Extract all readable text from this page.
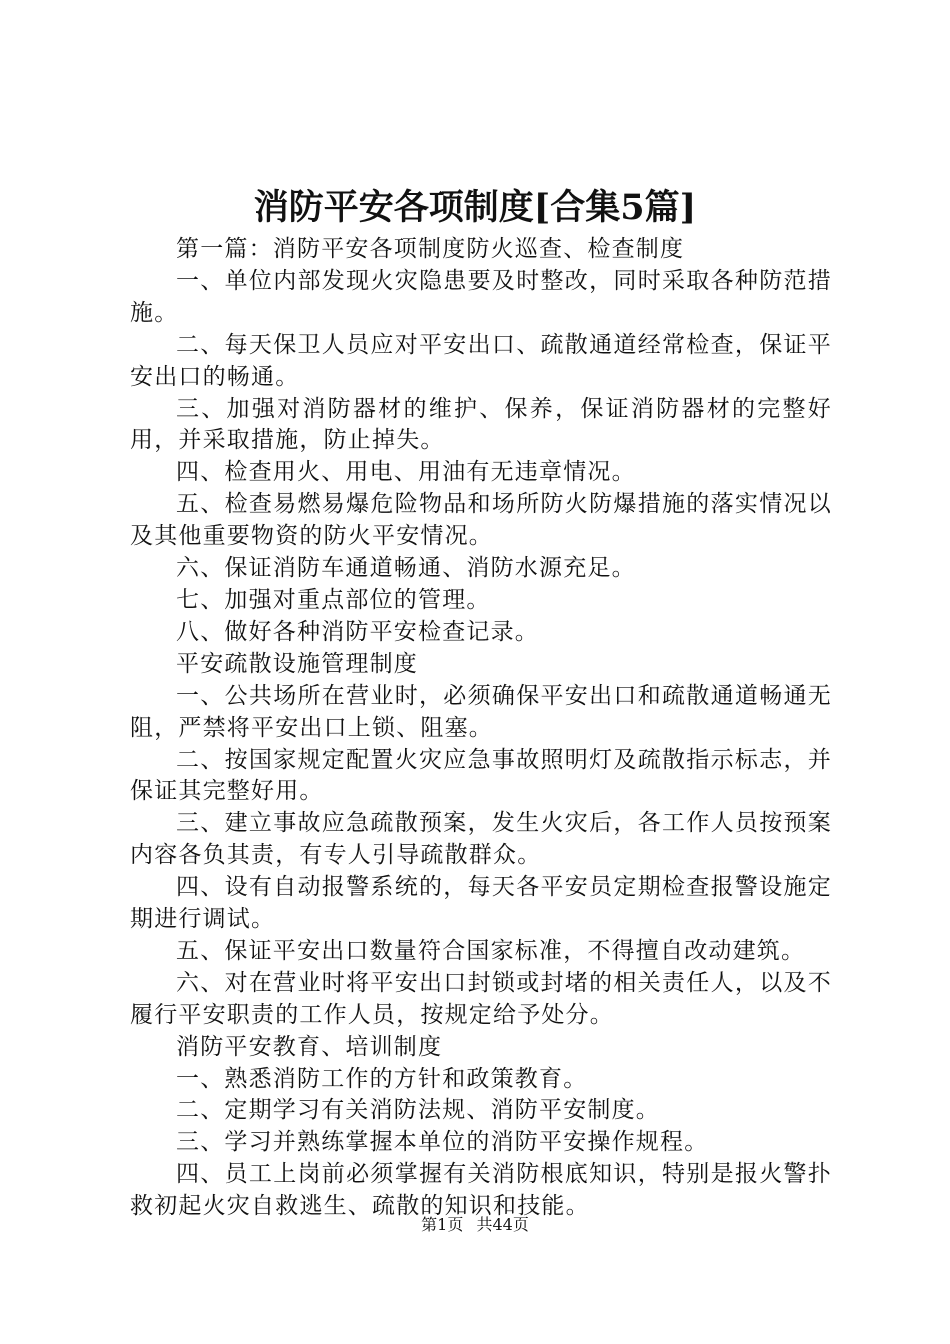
消防平安各项制度[合集5篇]

第一篇：消防平安各项制度防火巡查、检查制度

一、单位内部发现火灾隐患要及时整改，同时采取各种防范措施。

二、每天保卫人员应对平安出口、疏散通道经常检查，保证平安出口的畅通。

三、加强对消防器材的维护、保养，保证消防器材的完整好用，并采取措施，防止掉失。

四、检查用火、用电、用油有无违章情况。

五、检查易燃易爆危险物品和场所防火防爆措施的落实情况以及其他重要物资的防火平安情况。

六、保证消防车通道畅通、消防水源充足。

七、加强对重点部位的管理。

八、做好各种消防平安检查记录。

平安疏散设施管理制度

一、公共场所在营业时，必须确保平安出口和疏散通道畅通无阻，严禁将平安出口上锁、阻塞。

二、按国家规定配置火灾应急事故照明灯及疏散指示标志，并保证其完整好用。

三、建立事故应急疏散预案，发生火灾后，各工作人员按预案内容各负其责，有专人引导疏散群众。

四、设有自动报警系统的，每天各平安员定期检查报警设施定期进行调试。

五、保证平安出口数量符合国家标准，不得擅自改动建筑。

六、对在营业时将平安出口封锁或封堵的相关责任人，以及不履行平安职责的工作人员，按规定给予处分。

消防平安教育、培训制度

一、熟悉消防工作的方针和政策教育。

二、定期学习有关消防法规、消防平安制度。

三、学习并熟练掌握本单位的消防平安操作规程。

四、员工上岗前必须掌握有关消防根底知识，特别是报火警扑救初起火灾自救逃生、疏散的知识和技能。

第1页 共44页
